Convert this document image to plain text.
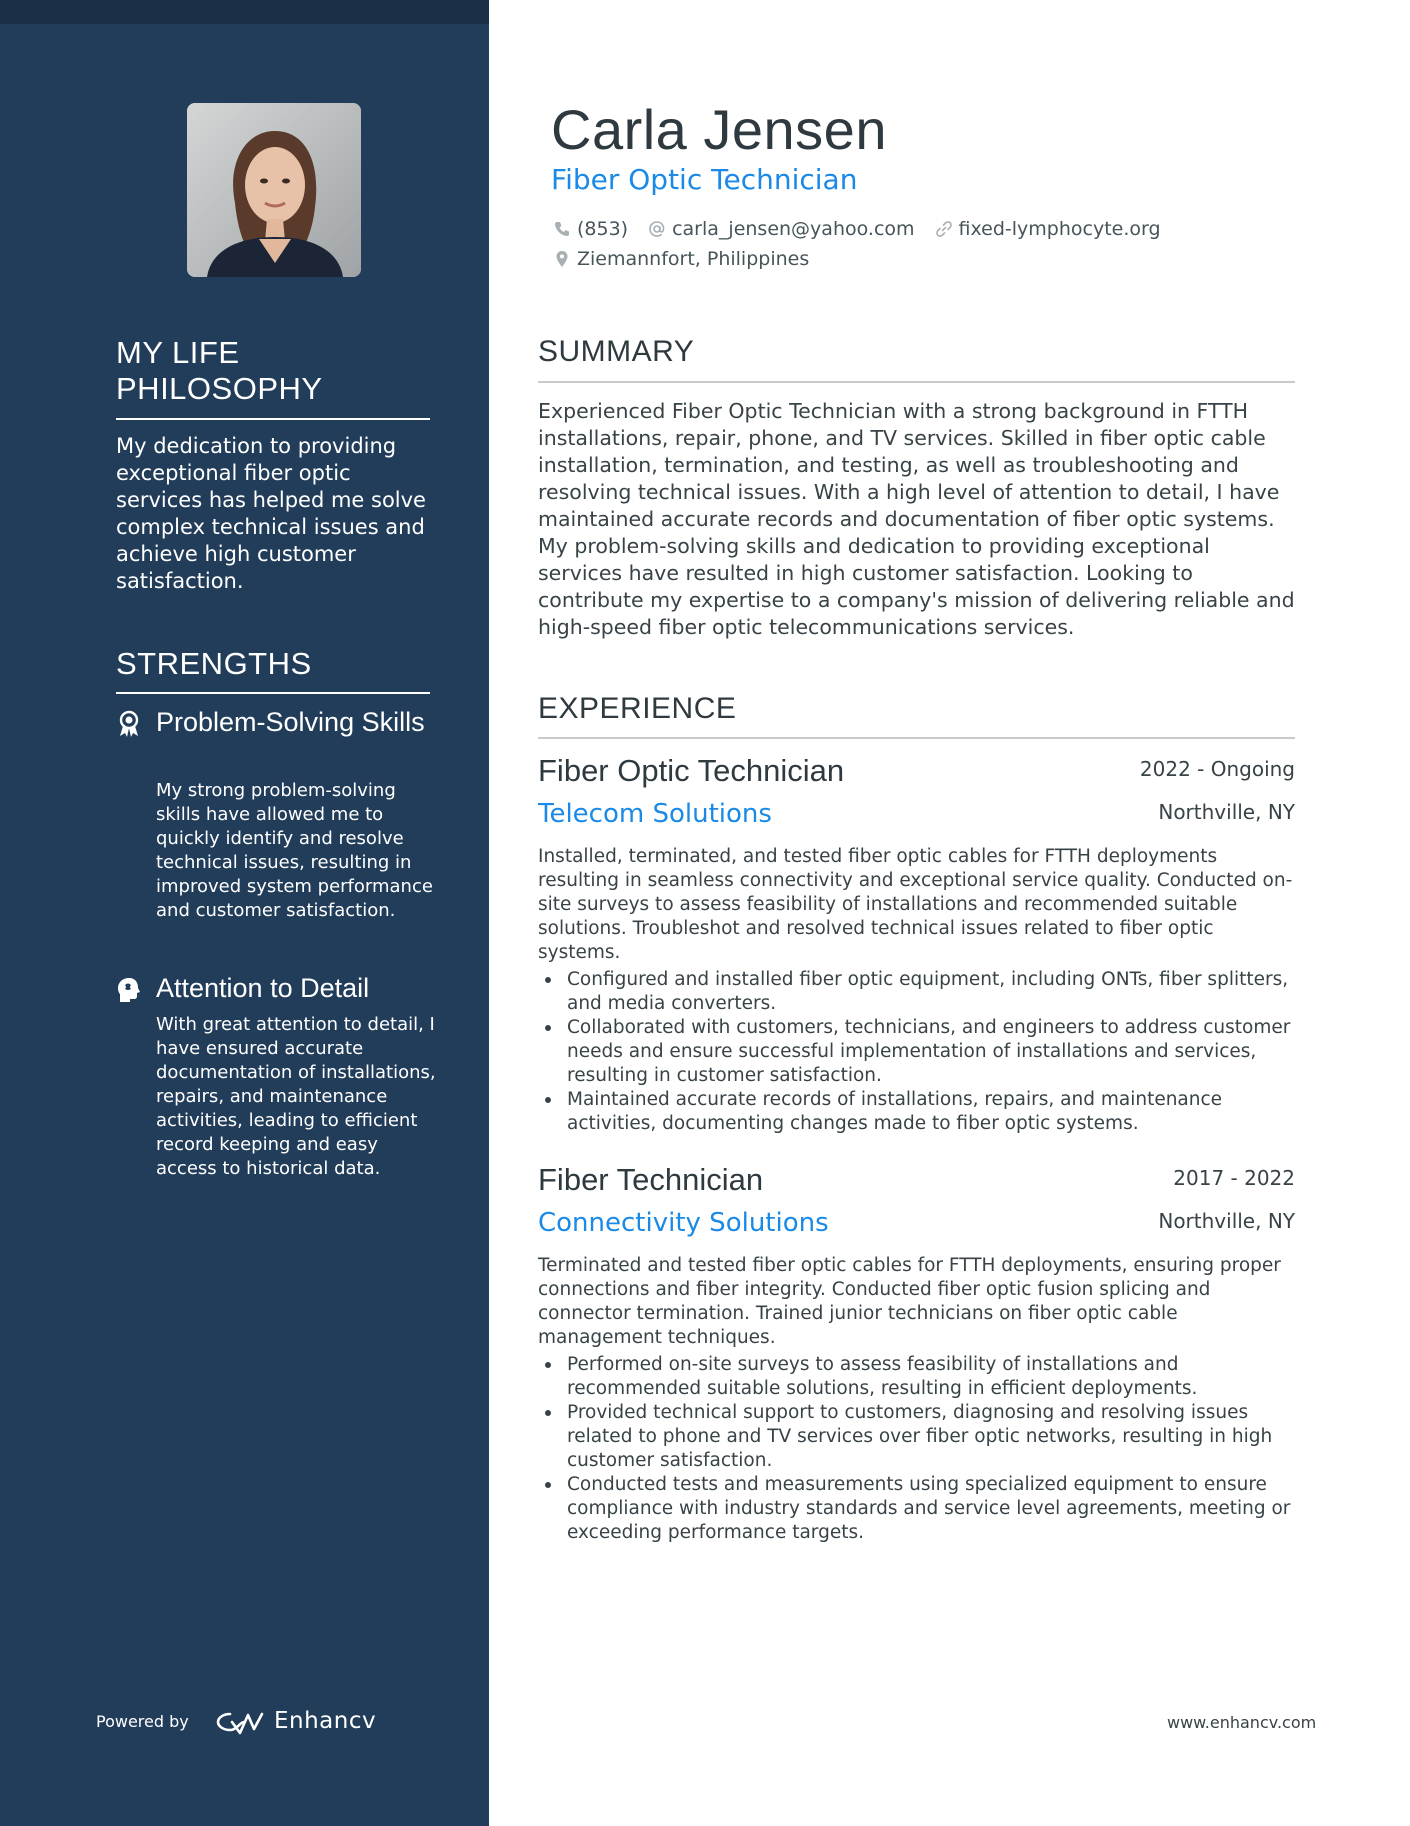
MY LIFE
PHILOSOPHY

My dedication to providing exceptional fiber optic services has helped me solve complex technical issues and achieve high customer satisfaction.

STRENGTHS
Problem-Solving Skills

My strong problem-solving skills have allowed me to quickly identify and resolve technical issues, resulting in improved system performance and customer satisfaction.

Attention to Detail

With great attention to detail, I have ensured accurate documentation of installations, repairs, and maintenance activities, leading to efficient record keeping and easy access to historical data.

Powered by	Enhancv
Carla Jensen
Fiber Optic Technician
(853) carla_jensen@yahoo.com fixed-lymphocyte.org
Ziemannfort, Philippines
SUMMARY

Experienced Fiber Optic Technician with a strong background in FTTH installations, repair, phone, and TV services. Skilled in fiber optic cable installation, termination, and testing, as well as troubleshooting and resolving technical issues. With a high level of attention to detail, I have maintained accurate records and documentation of fiber optic systems. My problem-solving skills and dedication to providing exceptional services have resulted in high customer satisfaction. Looking to contribute my expertise to a company's mission of delivering reliable and high-speed fiber optic telecommunications services.

EXPERIENCE
Fiber Optic Technician	2022 - Ongoing
Telecom Solutions	Northville, NY

Installed, terminated, and tested fiber optic cables for FTTH deployments resulting in seamless connectivity and exceptional service quality. Conducted on-site surveys to assess feasibility of installations and recommended suitable solutions. Troubleshot and resolved technical issues related to fiber optic systems.

Configured and installed fiber optic equipment, including ONTs, fiber splitters, and media converters.
Collaborated with customers, technicians, and engineers to address customer needs and ensure successful implementation of installations and services, resulting in customer satisfaction.
Maintained accurate records of installations, repairs, and maintenance activities, documenting changes made to fiber optic systems.
Fiber Technician	2017 - 2022
Connectivity Solutions	Northville, NY

Terminated and tested fiber optic cables for FTTH deployments, ensuring proper connections and fiber integrity. Conducted fiber optic fusion splicing and connector termination. Trained junior technicians on fiber optic cable management techniques.

Performed on-site surveys to assess feasibility of installations and recommended suitable solutions, resulting in efficient deployments.
Provided technical support to customers, diagnosing and resolving issues related to phone and TV services over fiber optic networks, resulting in high customer satisfaction.
Conducted tests and measurements using specialized equipment to ensure compliance with industry standards and service level agreements, meeting or exceeding performance targets.
www.enhancv.com
